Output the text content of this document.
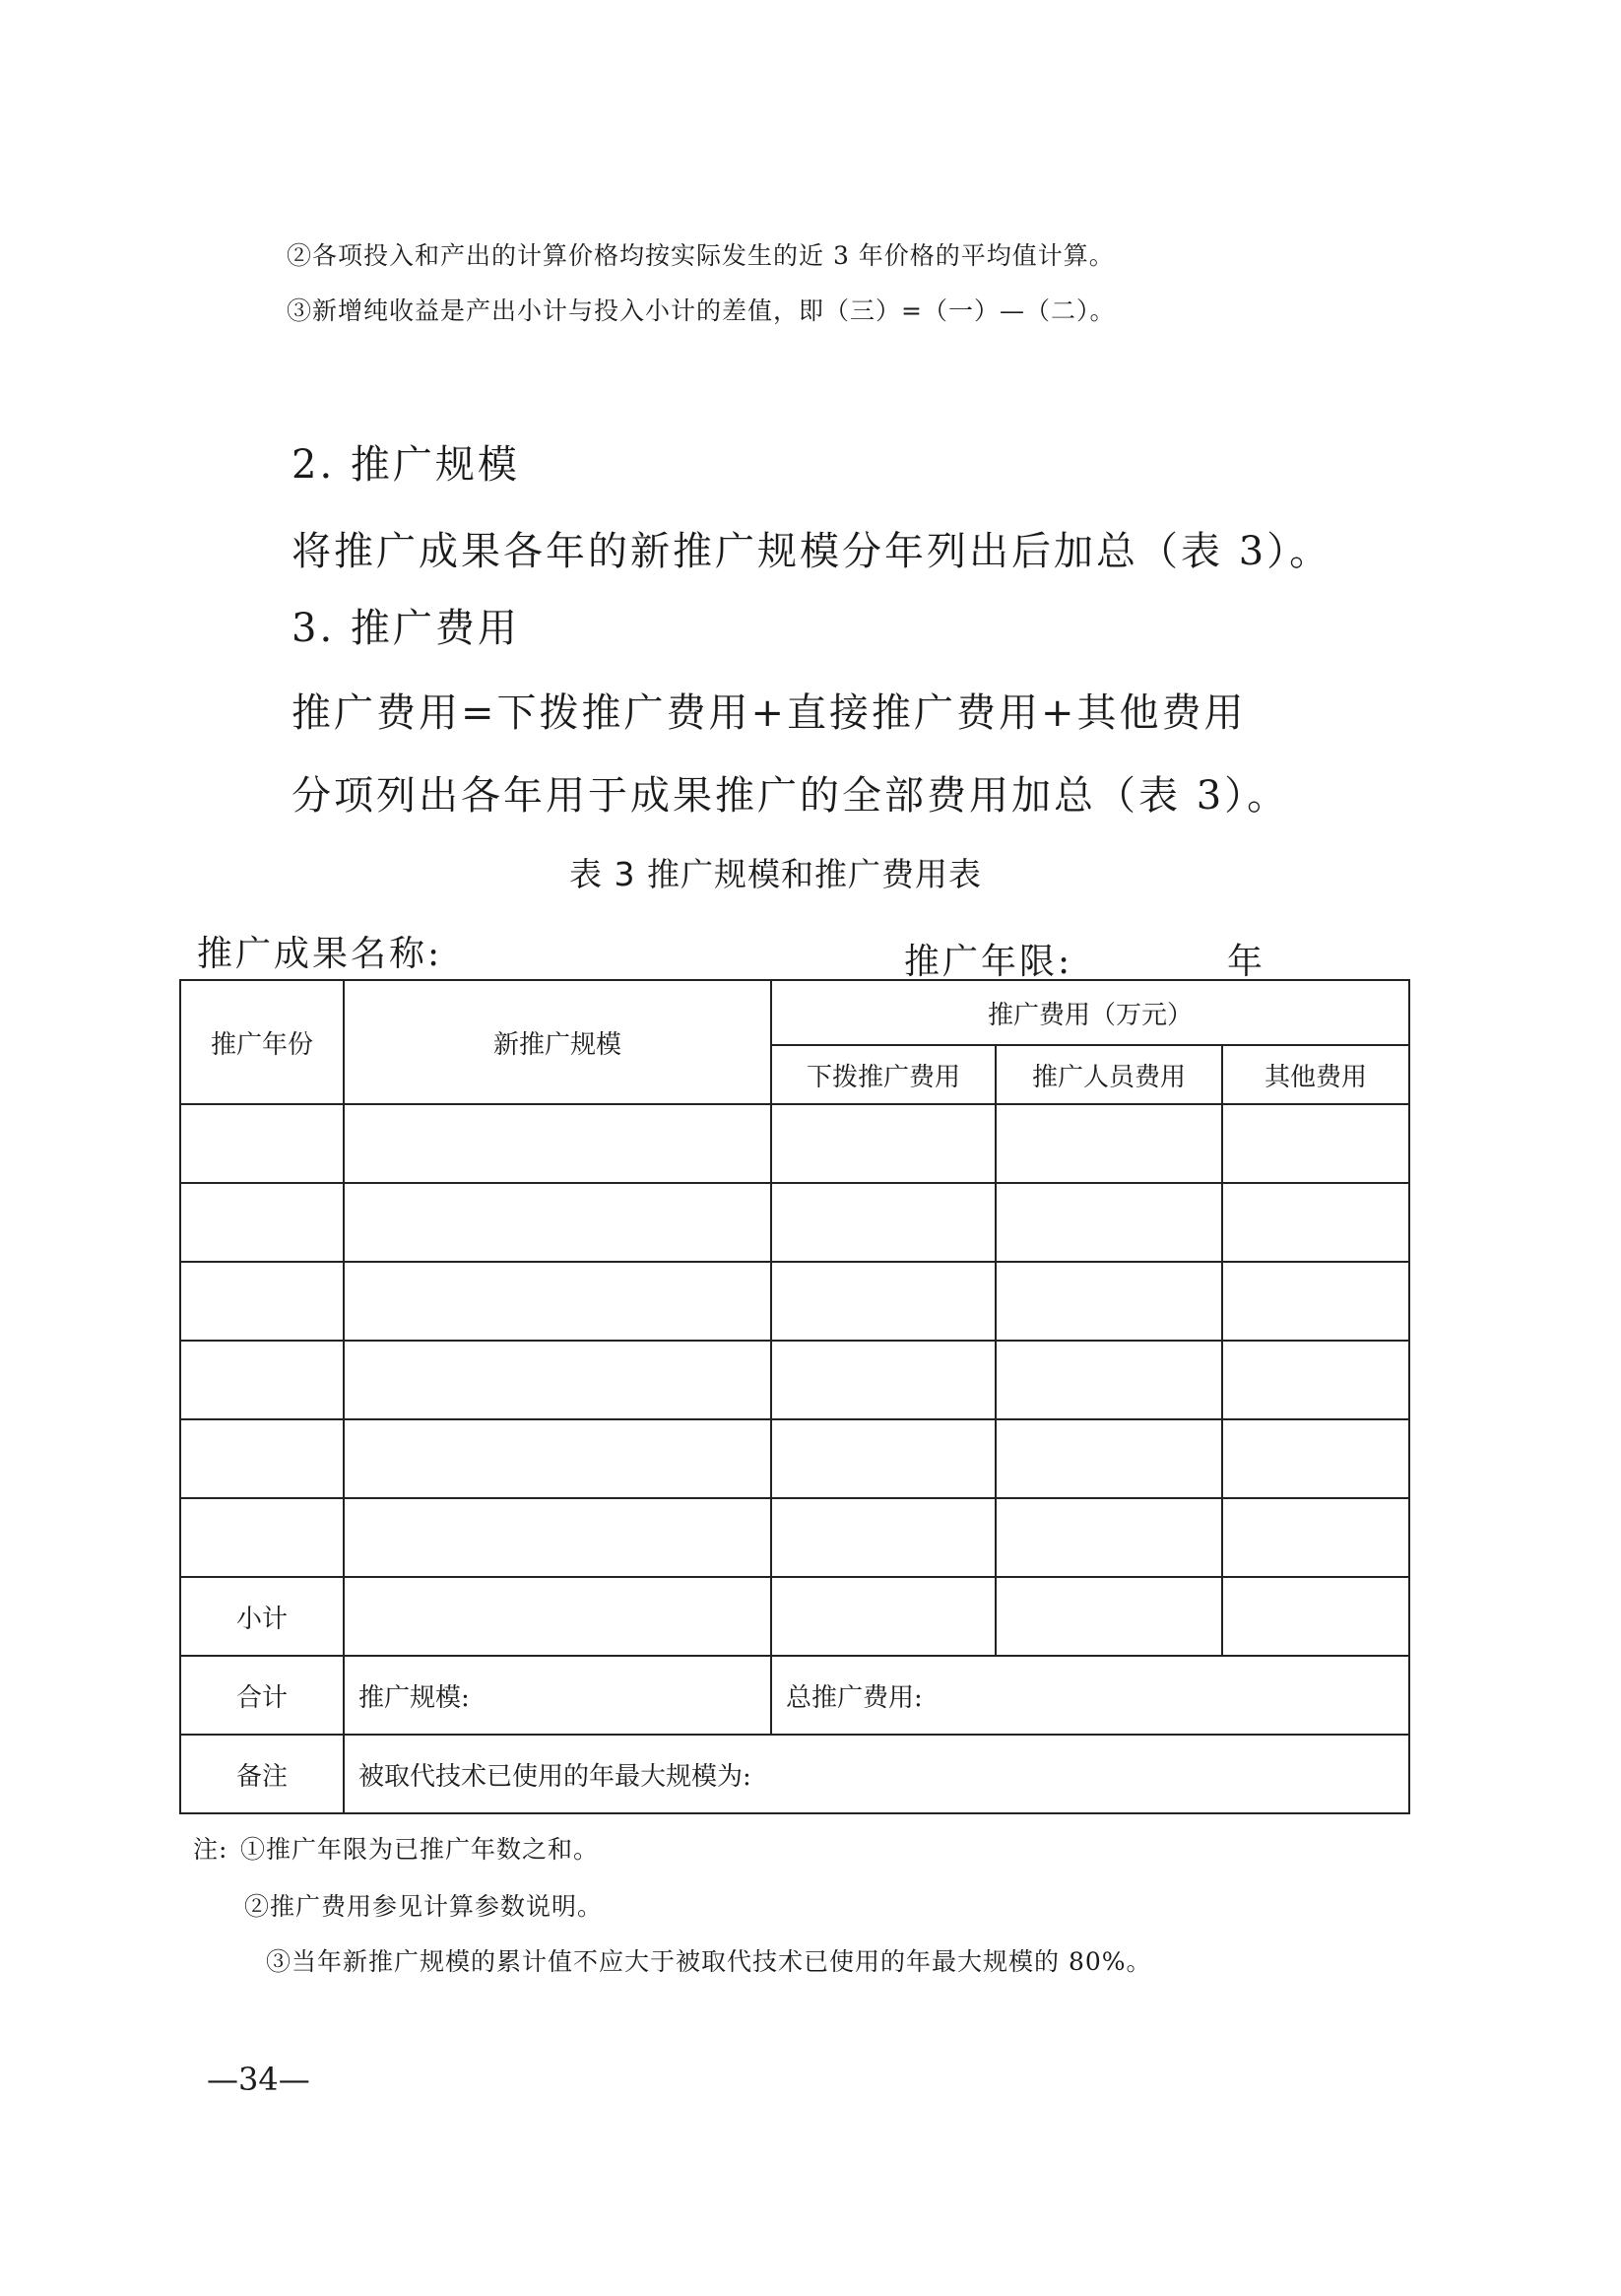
②各项投入和产出的计算价格均按实际发生的近 3 年价格的平均值计算。
③新增纯收益是产出小计与投入小计的差值，即（三）=（一）—（二）。
2. 推广规模
将推广成果各年的新推广规模分年列出后加总（表 3）。
3. 推广费用
推广费用=下拨推广费用+直接推广费用+其他费用
分项列出各年用于成果推广的全部费用加总（表 3）。
表 3 推广规模和推广费用表
推广成果名称:	推广年限:	年
推广年份	新推广规模	推广费用（万元）		
		下拨推广费用	推广人员费用	其他费用

小计				
合计	推广规模:	总推广费用:		
备注	被取代技术已使用的年最大规模为:			
注: ①推广年限为已推广年数之和。
②推广费用参见计算参数说明。
③当年新推广规模的累计值不应大于被取代技术已使用的年最大规模的 80%。
—34—
